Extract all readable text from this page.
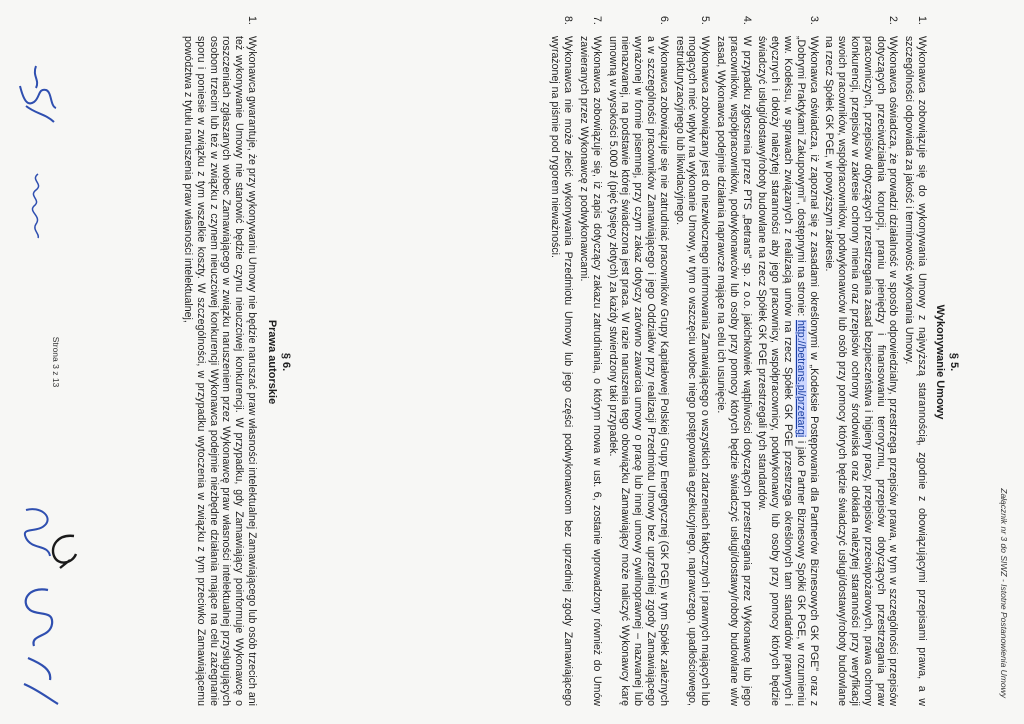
Załącznik nr 3 do SIWZ - Istotne Postanowienia Umowy
§ 5.
Wykonywanie Umowy
1.
Wykonawca zobowiązuje się do wykonywania Umowy z najwyższą starannością, zgodnie z obowiązującymi przepisami prawa, a w szczególności odpowiada za jakość i terminowość wykonania Umowy.
2.
Wykonawca oświadcza, że prowadzi działalność w sposób odpowiedzialny, przestrzega przepisów prawa, w tym w szczególności przepisów dotyczących przeciwdziałania korupcji, praniu pieniędzy i finansowaniu terroryzmu, przepisów dotyczących przestrzegania praw pracowniczych, przepisów dotyczących przestrzegania zasad bezpieczeństwa i higieny pracy, przepisów przeciwpożarowych, prawa ochrony konkurencji, przepisów w zakresie ochrony mienia oraz przepisów ochrony środowiska oraz dokłada należytej staranności przy weryfikacji swoich pracowników, współpracowników, podwykonawców lub osób przy pomocy których będzie świadczyć usługi/dostawy/roboty budowlane na rzecz Spółek GK PGE, w powyższym zakresie.
3.
Wykonawca oświadcza, iż zapoznał się z zasadami określonymi w „Kodeksie Postępowania dla Partnerów Biznesowych GK PGE" oraz z „Dobrymi Praktykami Zakupowymi", dostępnymi na stronie: http://betrans.pl/przetargi i jako Partner Biznesowy Spółki GK PGE, w rozumieniu ww. Kodeksu, w sprawach związanych z realizacją umów na rzecz Spółek GK PGE przestrzega określonych tam standardów prawnych i etycznych i dołoży należytej staranności aby jego pracownicy, współpracownicy, podwykonawcy lub osoby przy pomocy których będzie świadczyć usługi/dostawy/roboty budowlane na rzecz Spółek GK PGE przestrzegali tych standardów.
4.
W przypadku zgłoszenia przez PTS „Betrans" sp. z o.o. jakichkolwiek wątpliwości dotyczących przestrzegania przez Wykonawcę lub jego pracowników, współpracowników, podwykonawców lub osoby przy pomocy których będzie świadczyć usługi/dostawy/roboty budowlane w/w zasad, Wykonawca podejmie działania naprawcze mające na celu ich usunięcie.
5.
Wykonawca zobowiązany jest do niezwłocznego informowania Zamawiającego o wszystkich zdarzeniach faktycznych i prawnych mających lub mogących mieć wpływ na wykonanie Umowy, w tym o wszczęciu wobec niego postępowania egzekucyjnego, naprawczego, upadłościowego, restrukturyzacyjnego lub likwidacyjnego.
6.
Wykonawca zobowiązuje się nie zatrudniać pracowników Grupy Kapitałowej Polskiej Grupy Energetycznej (GK PGE) w tym Spółek zależnych a w szczególności pracowników Zamawiającego i jego Oddziałów przy realizacji Przedmiotu Umowy bez uprzedniej zgody Zamawiającego wyrażonej w formie pisemnej, przy czym zakaz dotyczy zarówno zawarcia umowy o pracę lub innej umowy cywilnoprawnej – nazwanej lub nienazwanej, na podstawie której świadczona jest praca. W razie naruszenia tego obowiązku Zamawiający może naliczyć Wykonawcy karę umowną w wysokości 5.000 zł (pięć tysięcy złotych) za każdy stwierdzony taki przypadek.
7.
Wykonawca zobowiązuje się, iż zapis dotyczący zakazu zatrudniania, o którym mowa w ust. 6, zostanie wprowadzony również do Umów zawieranych przez Wykonawcę z podwykonawcami.
8.
Wykonawca nie może zlecić wykonywania Przedmiotu Umowy lub jego części podwykonawcom bez uprzedniej zgody Zamawiającego wyrażonej na piśmie pod rygorem nieważności.
§ 6.
Prawa autorskie
1.
Wykonawca gwarantuje, że przy wykonywaniu Umowy nie będzie naruszać praw własności intelektualnej Zamawiającego lub osób trzecich ani też wykonywanie Umowy nie stanowić będzie czynu nieuczciwej konkurencji. W przypadku, gdy Zamawiający poinformuje Wykonawcę o roszczeniach zgłaszanych wobec Zamawiającego w związku naruszeniem przez Wykonawcę praw własności intelektualnej przysługujących osobom trzecim lub też w związku z czynem nieuczciwej konkurencji Wykonawca podejmie niezbędne działania mające na celu zażegnanie sporu i poniesie w związku z tym wszelkie koszty. W szczególności, w przypadku wytoczenia w związku z tym przeciwko Zamawiającemu powództwa z tytułu naruszenia praw własności intelektualnej,
Strona 3 z 13
